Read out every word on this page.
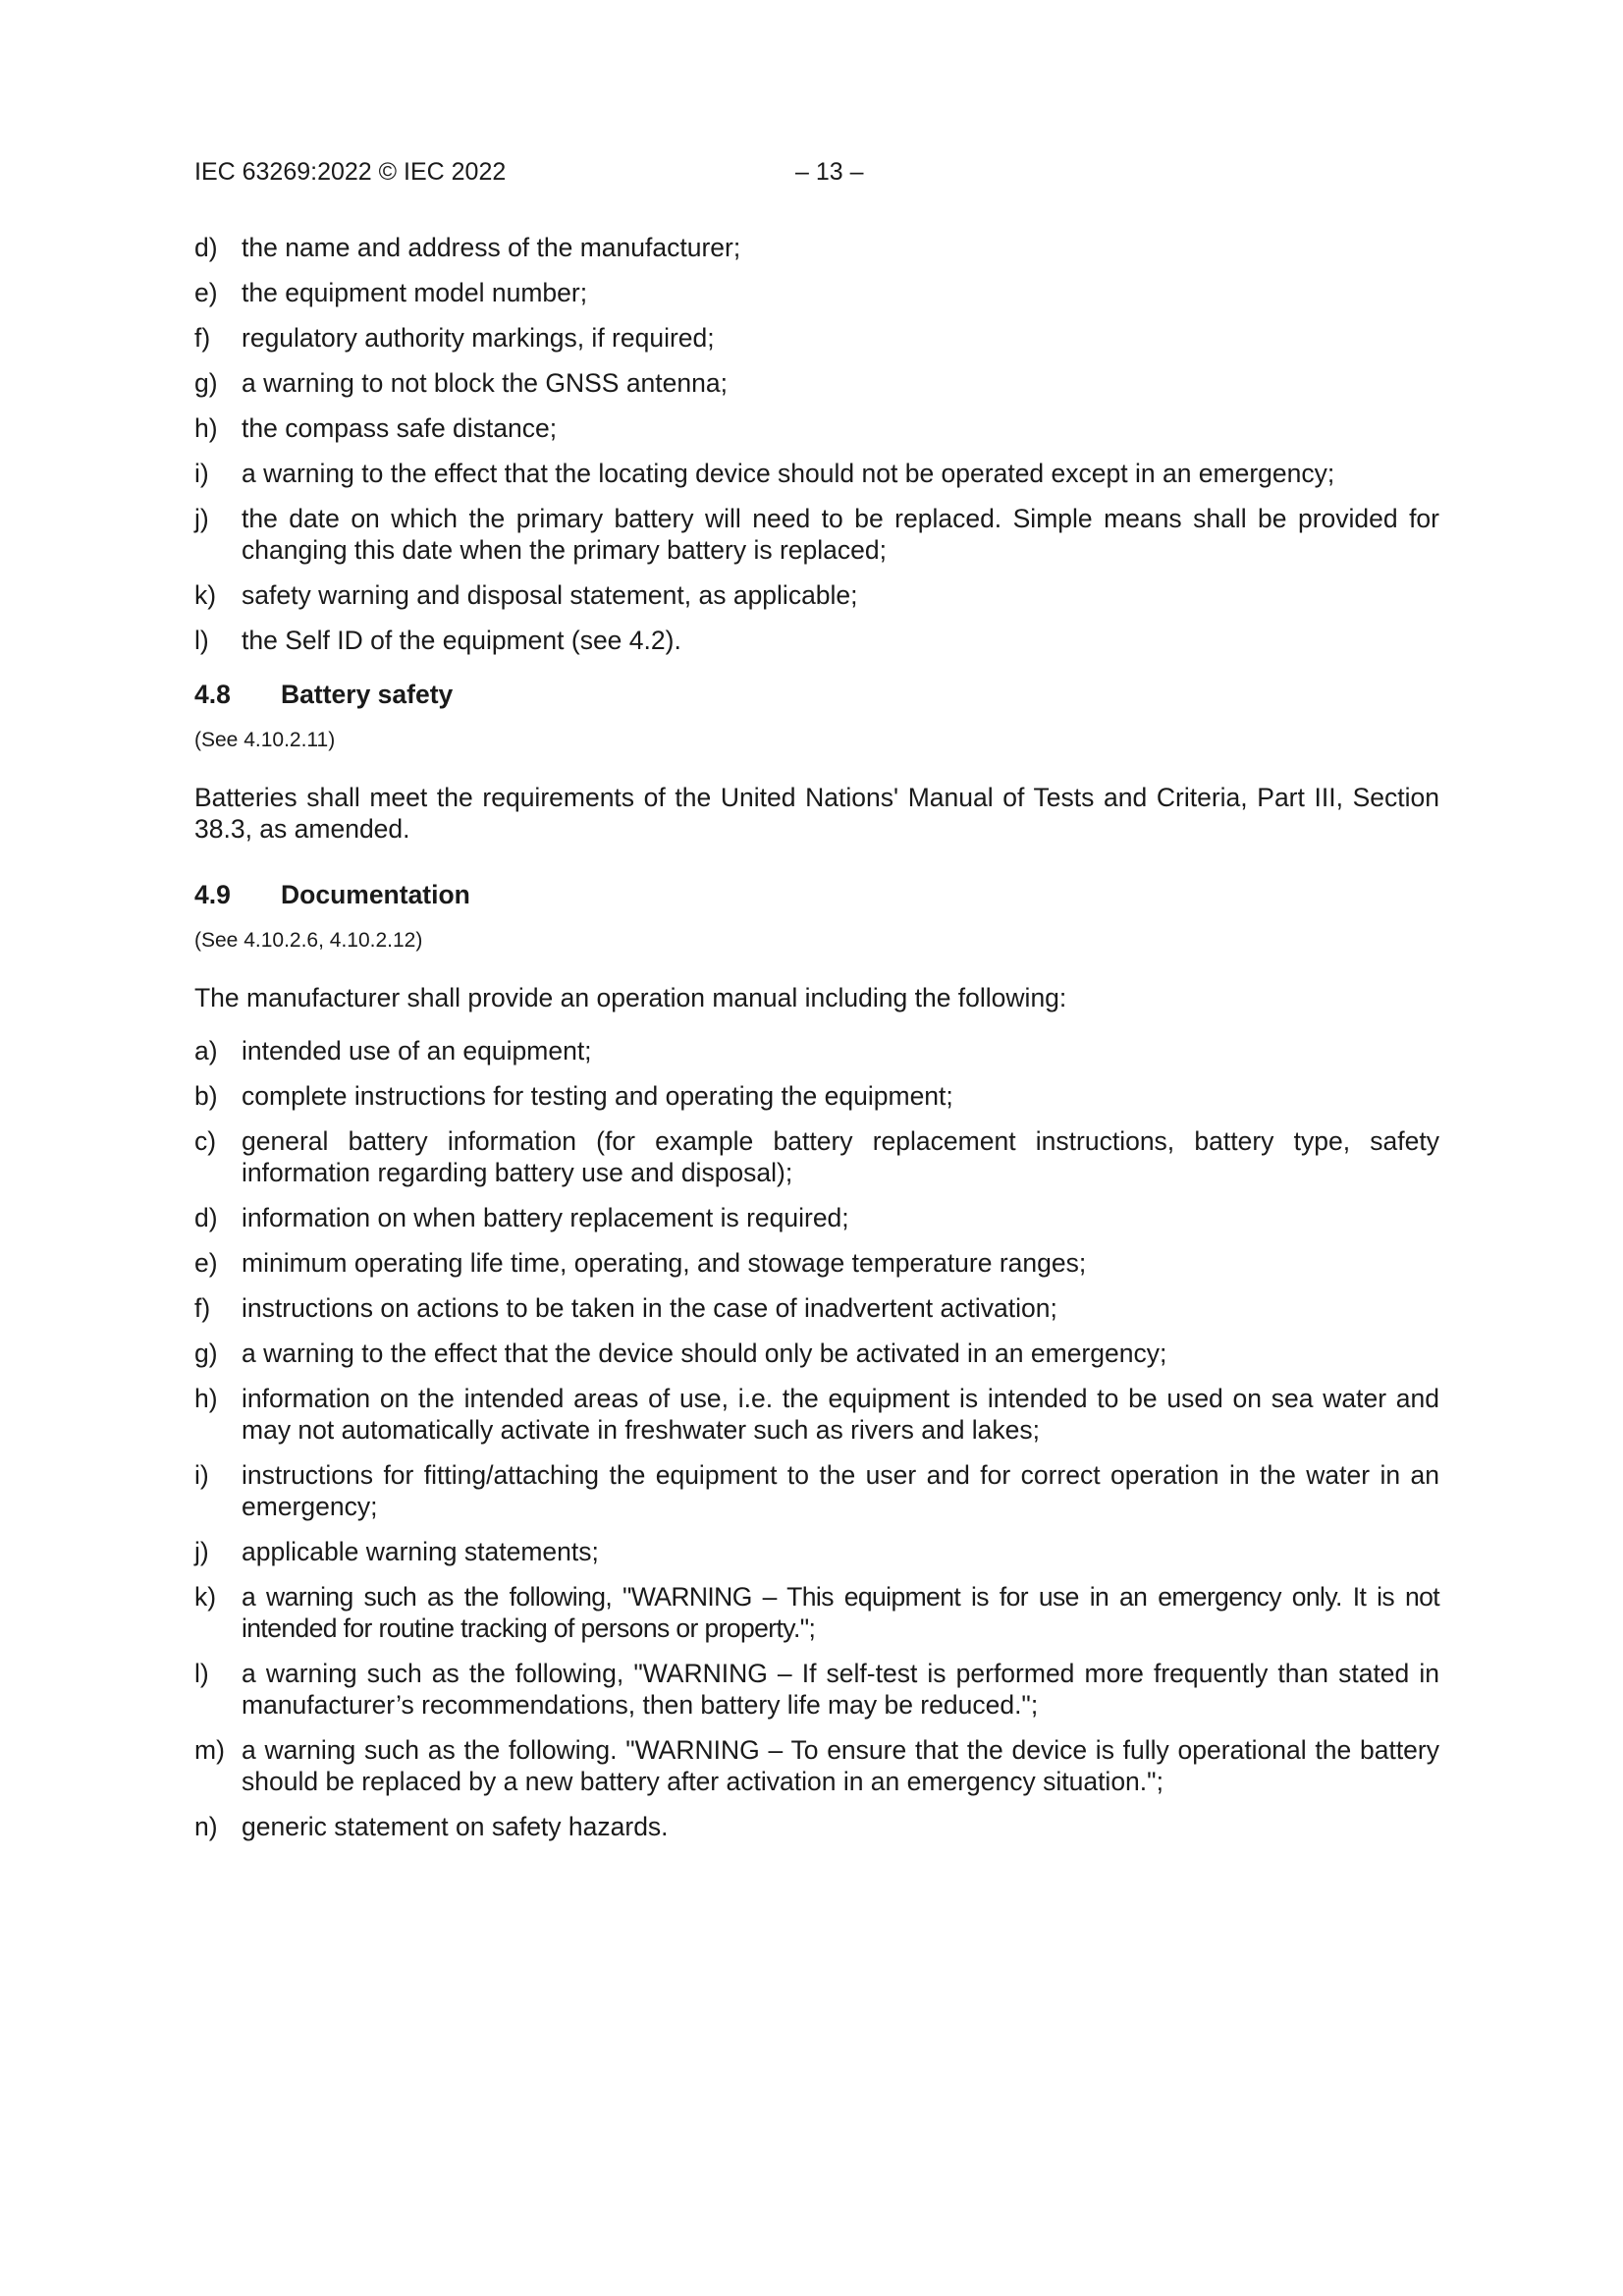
IEC 63269:2022 © IEC 2022	– 13 –
d) the name and address of the manufacturer;
e) the equipment model number;
f)	regulatory authority markings, if required;
g) a warning to not block the GNSS antenna;
h) the compass safe distance;
i)	a warning to the effect that the locating device should not be operated except in an emergency;
j)	the date on which the primary battery will need to be replaced. Simple means shall be provided for changing this date when the primary battery is replaced;
k) safety warning and disposal statement, as applicable;
l)	the Self ID of the equipment (see 4.2).
4.8	Battery safety
(See 4.10.2.11)
Batteries shall meet the requirements of the United Nations' Manual of Tests and Criteria, Part III, Section 38.3, as amended.
4.9	Documentation
(See 4.10.2.6, 4.10.2.12)
The manufacturer shall provide an operation manual including the following:
a) intended use of an equipment;
b) complete instructions for testing and operating the equipment;
c) general battery information (for example battery replacement instructions, battery type, safety information regarding battery use and disposal);
d) information on when battery replacement is required;
e) minimum operating life time, operating, and stowage temperature ranges;
f)	instructions on actions to be taken in the case of inadvertent activation;
g) a warning to the effect that the device should only be activated in an emergency;
h) information on the intended areas of use, i.e. the equipment is intended to be used on sea water and may not automatically activate in freshwater such as rivers and lakes;
i)	instructions for fitting/attaching the equipment to the user and for correct operation in the water in an emergency;
j)	applicable warning statements;
k) a warning such as the following, "WARNING – This equipment is for use in an emergency only. It is not intended for routine tracking of persons or property.";
l)	a warning such as the following, "WARNING – If self-test is performed more frequently than stated in manufacturer’s recommendations, then battery life may be reduced.";
m) a warning such as the following. "WARNING – To ensure that the device is fully operational the battery should be replaced by a new battery after activation in an emergency situation.";
n) generic statement on safety hazards.
